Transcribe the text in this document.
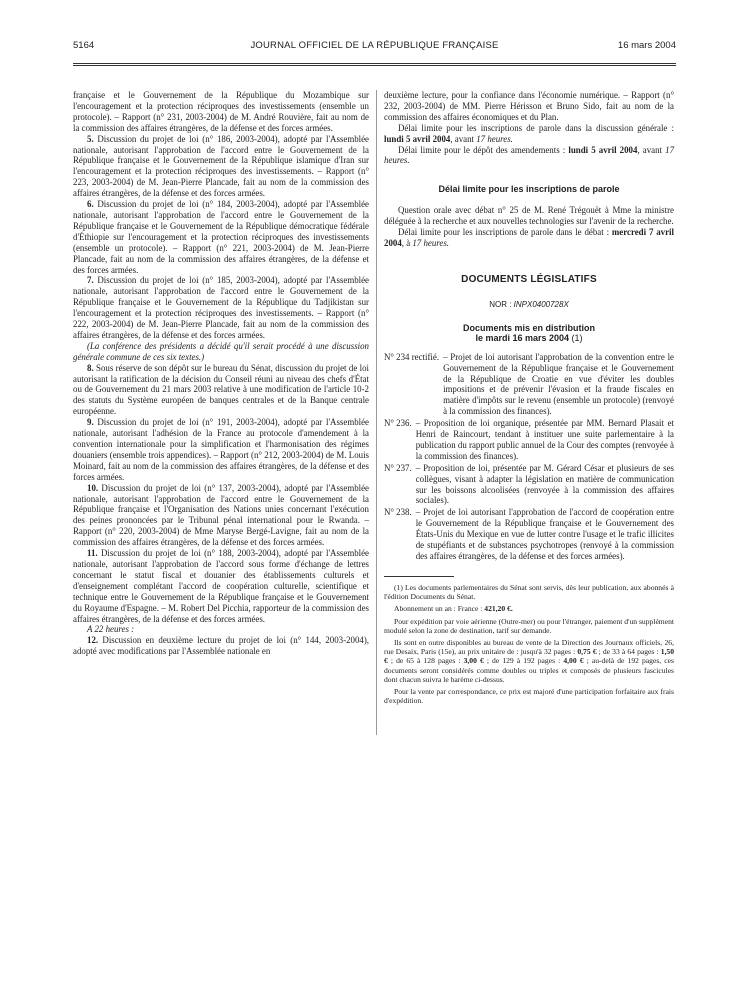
5164	JOURNAL OFFICIEL DE LA RÉPUBLIQUE FRANÇAISE	16 mars 2004

française et le Gouvernement de la République du Mozambique sur l'encouragement et la protection réciproques des investissements (ensemble un protocole). – Rapport (n° 231, 2003-2004) de M. André Rouvière, fait au nom de la commission des affaires étrangères, de la défense et des forces armées.

5. Discussion du projet de loi (n° 186, 2003-2004), adopté par l'Assemblée nationale, autorisant l'approbation de l'accord entre le Gouvernement de la République française et le Gouvernement de la République islamique d'Iran sur l'encouragement et la protection réciproques des investissements. – Rapport (n° 223, 2003-2004) de M. Jean-Pierre Plancade, fait au nom de la commission des affaires étrangères, de la défense et des forces armées.

6. Discussion du projet de loi (n° 184, 2003-2004), adopté par l'Assemblée nationale, autorisant l'approbation de l'accord entre le Gouvernement de la République française et le Gouvernement de la République démocratique fédérale d'Éthiopie sur l'encouragement et la protection réciproques des investissements (ensemble un protocole). – Rapport (n° 221, 2003-2004) de M. Jean-Pierre Plancade, fait au nom de la commission des affaires étrangères, de la défense et des forces armées.

7. Discussion du projet de loi (n° 185, 2003-2004), adopté par l'Assemblée nationale, autorisant l'approbation de l'accord entre le Gouvernement de la République française et le Gouvernement de la République du Tadjikistan sur l'encouragement et la protection réciproques des investissements. – Rapport (n° 222, 2003-2004) de M. Jean-Pierre Plancade, fait au nom de la commission des affaires étrangères, de la défense et des forces armées.

(La conférence des présidents a décidé qu'il serait procédé à une discussion générale commune de ces six textes.)

8. Sous réserve de son dépôt sur le bureau du Sénat, discussion du projet de loi autorisant la ratification de la décision du Conseil réuni au niveau des chefs d'État ou de Gouvernement du 21 mars 2003 relative à une modification de l'article 10-2 des statuts du Système européen de banques centrales et de la Banque centrale européenne.

9. Discussion du projet de loi (n° 191, 2003-2004), adopté par l'Assemblée nationale, autorisant l'adhésion de la France au protocole d'amendement à la convention internationale pour la simplification et l'harmonisation des régimes douaniers (ensemble trois appendices). – Rapport (n° 212, 2003-2004) de M. Louis Moinard, fait au nom de la commission des affaires étrangères, de la défense et des forces armées.

10. Discussion du projet de loi (n° 137, 2003-2004), adopté par l'Assemblée nationale, autorisant l'approbation de l'accord entre le Gouvernement de la République française et l'Organisation des Nations unies concernant l'exécution des peines prononcées par le Tribunal pénal international pour le Rwanda. – Rapport (n° 220, 2003-2004) de Mme Maryse Bergé-Lavigne, fait au nom de la commission des affaires étrangères, de la défense et des forces armées.

11. Discussion du projet de loi (n° 188, 2003-2004), adopté par l'Assemblée nationale, autorisant l'approbation de l'accord sous forme d'échange de lettres concernant le statut fiscal et douanier des établissements culturels et d'enseignement complétant l'accord de coopération culturelle, scientifique et technique entre le Gouvernement de la République française et le Gouvernement du Royaume d'Espagne. – M. Robert Del Picchia, rapporteur de la commission des affaires étrangères, de la défense et des forces armées.

A 22 heures :

12. Discussion en deuxième lecture du projet de loi (n° 144, 2003-2004), adopté avec modifications par l'Assemblée nationale en

deuxième lecture, pour la confiance dans l'économie numérique. – Rapport (n° 232, 2003-2004) de MM. Pierre Hérisson et Bruno Sido, fait au nom de la commission des affaires économiques et du Plan.

Délai limite pour les inscriptions de parole dans la discussion générale : lundi 5 avril 2004, avant 17 heures.

Délai limite pour le dépôt des amendements : lundi 5 avril 2004, avant 17 heures.

Délai limite pour les inscriptions de parole

Question orale avec débat n° 25 de M. René Trégouët à Mme la ministre déléguée à la recherche et aux nouvelles technologies sur l'avenir de la recherche.

Délai limite pour les inscriptions de parole dans le débat : mercredi 7 avril 2004, à 17 heures.

DOCUMENTS LÉGISLATIFS

NOR : INPX0400728X

Documents mis en distribution
le mardi 16 mars 2004 (1)

N° 234 rectifié. – Projet de loi autorisant l'approbation de la convention entre le Gouvernement de la République française et le Gouvernement de la République de Croatie en vue d'éviter les doubles impositions et de prévenir l'évasion et la fraude fiscales en matière d'impôts sur le revenu (ensemble un protocole) (renvoyé à la commission des finances).
N° 236. – Proposition de loi organique, présentée par MM. Bernard Plasait et Henri de Raincourt, tendant à instituer une suite parlementaire à la publication du rapport public annuel de la Cour des comptes (renvoyée à la commission des finances).
N° 237. – Proposition de loi, présentée par M. Gérard César et plusieurs de ses collègues, visant à adapter la législation en matière de communication sur les boissons alcoolisées (renvoyée à la commission des affaires sociales).
N° 238. – Projet de loi autorisant l'approbation de l'accord de coopération entre le Gouvernement de la République française et le Gouvernement des États-Unis du Mexique en vue de lutter contre l'usage et le trafic illicites de stupéfiants et de substances psychotropes (renvoyé à la commission des affaires étrangères, de la défense et des forces armées).

(1) Les documents parlementaires du Sénat sont servis, dès leur publication, aux abonnés à l'édition Documents du Sénat.

Abonnement un an : France : 421,20 €.

Pour expédition par voie aérienne (Outre-mer) ou pour l'étranger, paiement d'un supplément modulé selon la zone de destination, tarif sur demande.

Ils sont en outre disponibles au bureau de vente de la Direction des Journaux officiels, 26, rue Desaix, Paris (15e), au prix unitaire de : jusqu'à 32 pages : 0,75 € ; de 33 à 64 pages : 1,50 € ; de 65 à 128 pages : 3,00 € ; de 129 à 192 pages : 4,00 € ; au-delà de 192 pages, ces documents seront considérés comme doubles ou triples et composés de plusieurs fascicules dont chacun suivra le barème ci-dessus.

Pour la vente par correspondance, ce prix est majoré d'une participation forfaitaire aux frais d'expédition.
